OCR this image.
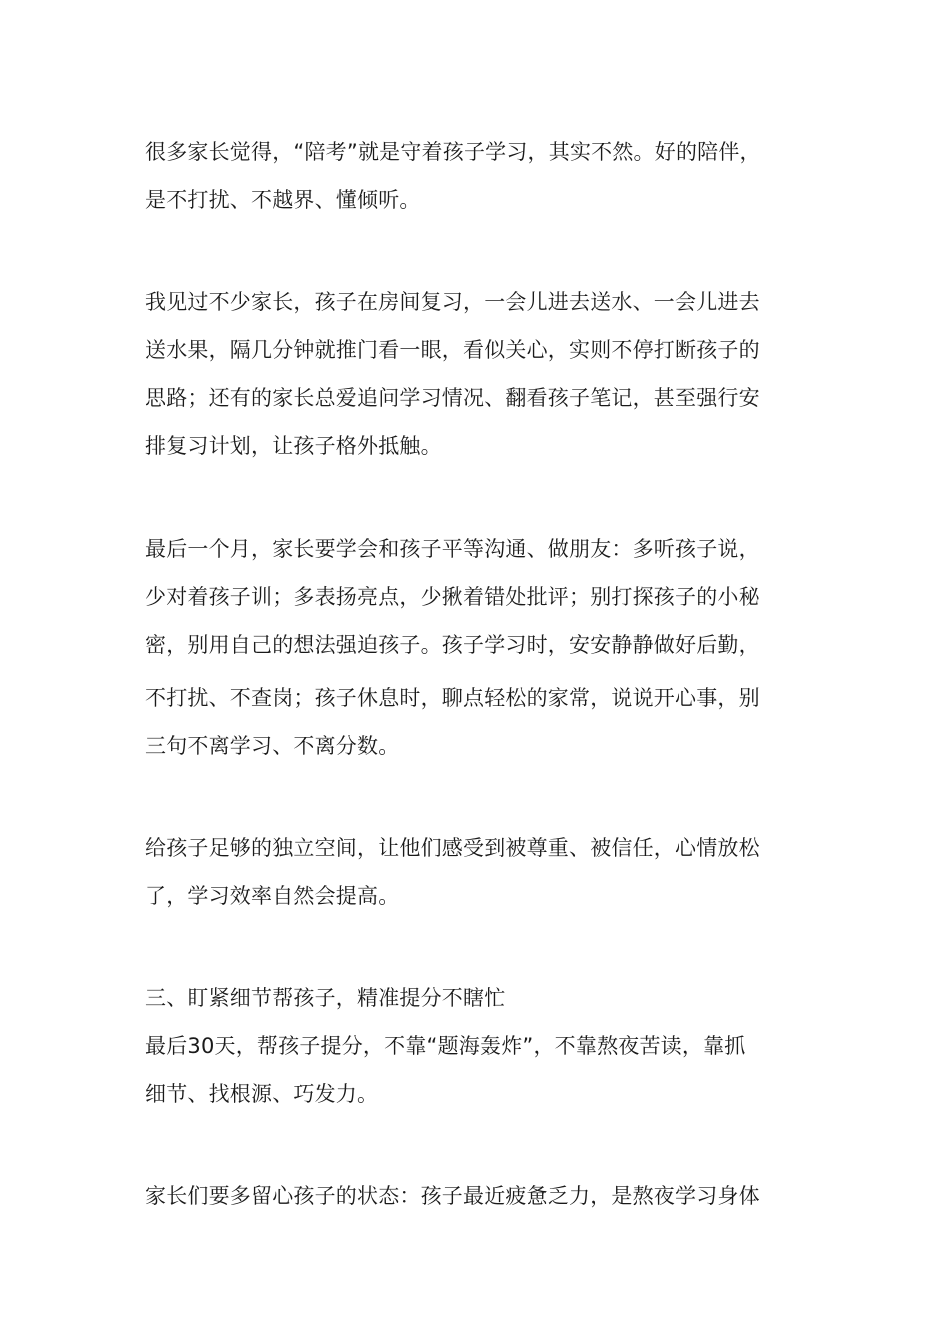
很多家长觉得，“陪考”就是守着孩子学习，其实不然。好的陪伴，
是不打扰、不越界、懂倾听。
我见过不少家长，孩子在房间复习，一会儿进去送水、一会儿进去
送水果，隔几分钟就推门看一眼，看似关心，实则不停打断孩子的
思路；还有的家长总爱追问学习情况、翻看孩子笔记，甚至强行安
排复习计划，让孩子格外抵触。
最后一个月，家长要学会和孩子平等沟通、做朋友：多听孩子说，
少对着孩子训；多表扬亮点，少揪着错处批评；别打探孩子的小秘
密，别用自己的想法强迫孩子。孩子学习时，安安静静做好后勤，
不打扰、不查岗；孩子休息时，聊点轻松的家常，说说开心事，别
三句不离学习、不离分数。
给孩子足够的独立空间，让他们感受到被尊重、被信任，心情放松
了，学习效率自然会提高。
三、盯紧细节帮孩子，精准提分不瞎忙
最后30天，帮孩子提分，不靠“题海轰炸”，不靠熬夜苦读，靠抓
细节、找根源、巧发力。
家长们要多留心孩子的状态：孩子最近疲惫乏力，是熬夜学习身体
